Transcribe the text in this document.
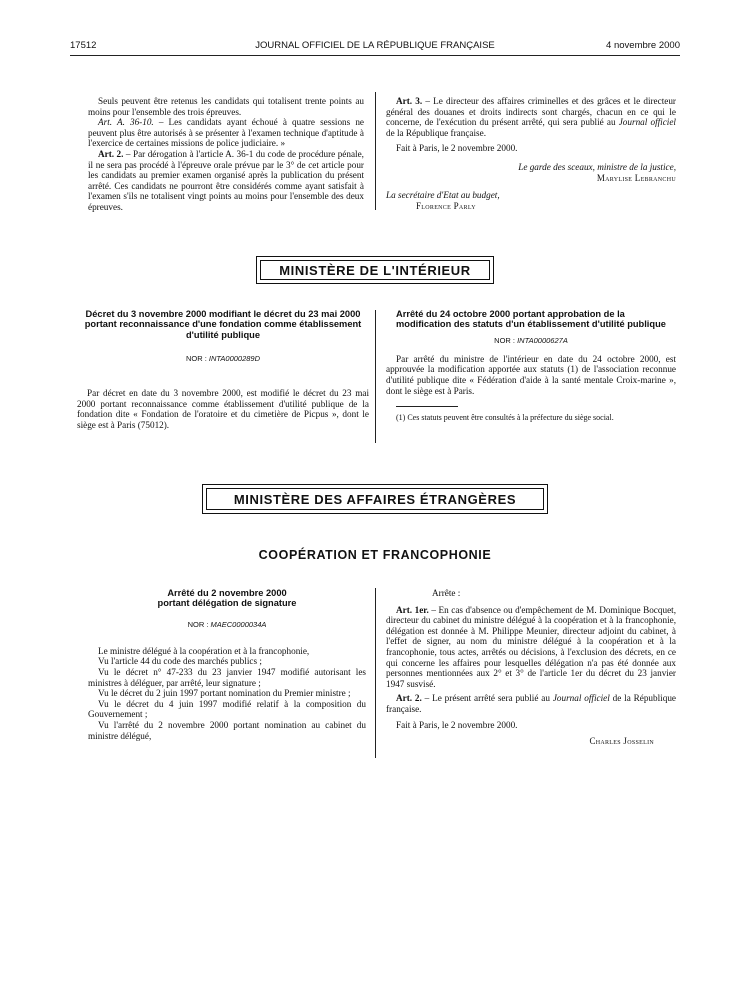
17512	JOURNAL OFFICIEL DE LA RÉPUBLIQUE FRANÇAISE	4 novembre 2000

Seuls peuvent être retenus les candidats qui totalisent trente points au moins pour l'ensemble des trois épreuves.

Art. A. 36-10. – Les candidats ayant échoué à quatre sessions ne peuvent plus être autorisés à se présenter à l'examen technique d'aptitude à l'exercice de certaines missions de police judiciaire. »

Art. 2. – Par dérogation à l'article A. 36-1 du code de procédure pénale, il ne sera pas procédé à l'épreuve orale prévue par le 3° de cet article pour les candidats au premier examen organisé après la publication du présent arrêté. Ces candidats ne pourront être considérés comme ayant satisfait à l'examen s'ils ne totalisent vingt points au moins pour l'ensemble des deux épreuves.

Art. 3. – Le directeur des affaires criminelles et des grâces et le directeur général des douanes et droits indirects sont chargés, chacun en ce qui le concerne, de l'exécution du présent arrêté, qui sera publié au Journal officiel de la République française.

Fait à Paris, le 2 novembre 2000.

Le garde des sceaux, ministre de la justice,

Marylise Lebranchu

La secrétaire d'Etat au budget,

Florence Parly

MINISTÈRE DE L'INTÉRIEUR

Décret du 3 novembre 2000 modifiant le décret du 23 mai 2000 portant reconnaissance d'une fondation comme établissement d'utilité publique

NOR : INTA0000289D

Par décret en date du 3 novembre 2000, est modifié le décret du 23 mai 2000 portant reconnaissance comme établissement d'utilité publique de la fondation dite « Fondation de l'oratoire et du cimetière de Picpus », dont le siège est à Paris (75012).

Arrêté du 24 octobre 2000 portant approbation de la modification des statuts d'un établissement d'utilité publique

NOR : INTA0000627A

Par arrêté du ministre de l'intérieur en date du 24 octobre 2000, est approuvée la modification apportée aux statuts (1) de l'association reconnue d'utilité publique dite « Fédération d'aide à la santé mentale Croix-marine », dont le siège est à Paris.

(1) Ces statuts peuvent être consultés à la préfecture du siège social.

MINISTÈRE DES AFFAIRES ÉTRANGÈRES
COOPÉRATION ET FRANCOPHONIE

Arrêté du 2 novembre 2000

portant délégation de signature

NOR : MAEC0000034A

Le ministre délégué à la coopération et à la francophonie,

Vu l'article 44 du code des marchés publics ;

Vu le décret n° 47-233 du 23 janvier 1947 modifié autorisant les ministres à déléguer, par arrêté, leur signature ;

Vu le décret du 2 juin 1997 portant nomination du Premier ministre ;

Vu le décret du 4 juin 1997 modifié relatif à la composition du Gouvernement ;

Vu l'arrêté du 2 novembre 2000 portant nomination au cabinet du ministre délégué,

Arrête :

Art. 1er. – En cas d'absence ou d'empêchement de M. Dominique Bocquet, directeur du cabinet du ministre délégué à la coopération et à la francophonie, délégation est donnée à M. Philippe Meunier, directeur adjoint du cabinet, à l'effet de signer, au nom du ministre délégué à la coopération et à la francophonie, tous actes, arrêtés ou décisions, à l'exclusion des décrets, en ce qui concerne les affaires pour lesquelles délégation n'a pas été donnée aux personnes mentionnées aux 2° et 3° de l'article 1er du décret du 23 janvier 1947 susvisé.

Art. 2. – Le présent arrêté sera publié au Journal officiel de la République française.

Fait à Paris, le 2 novembre 2000.

Charles Josselin
